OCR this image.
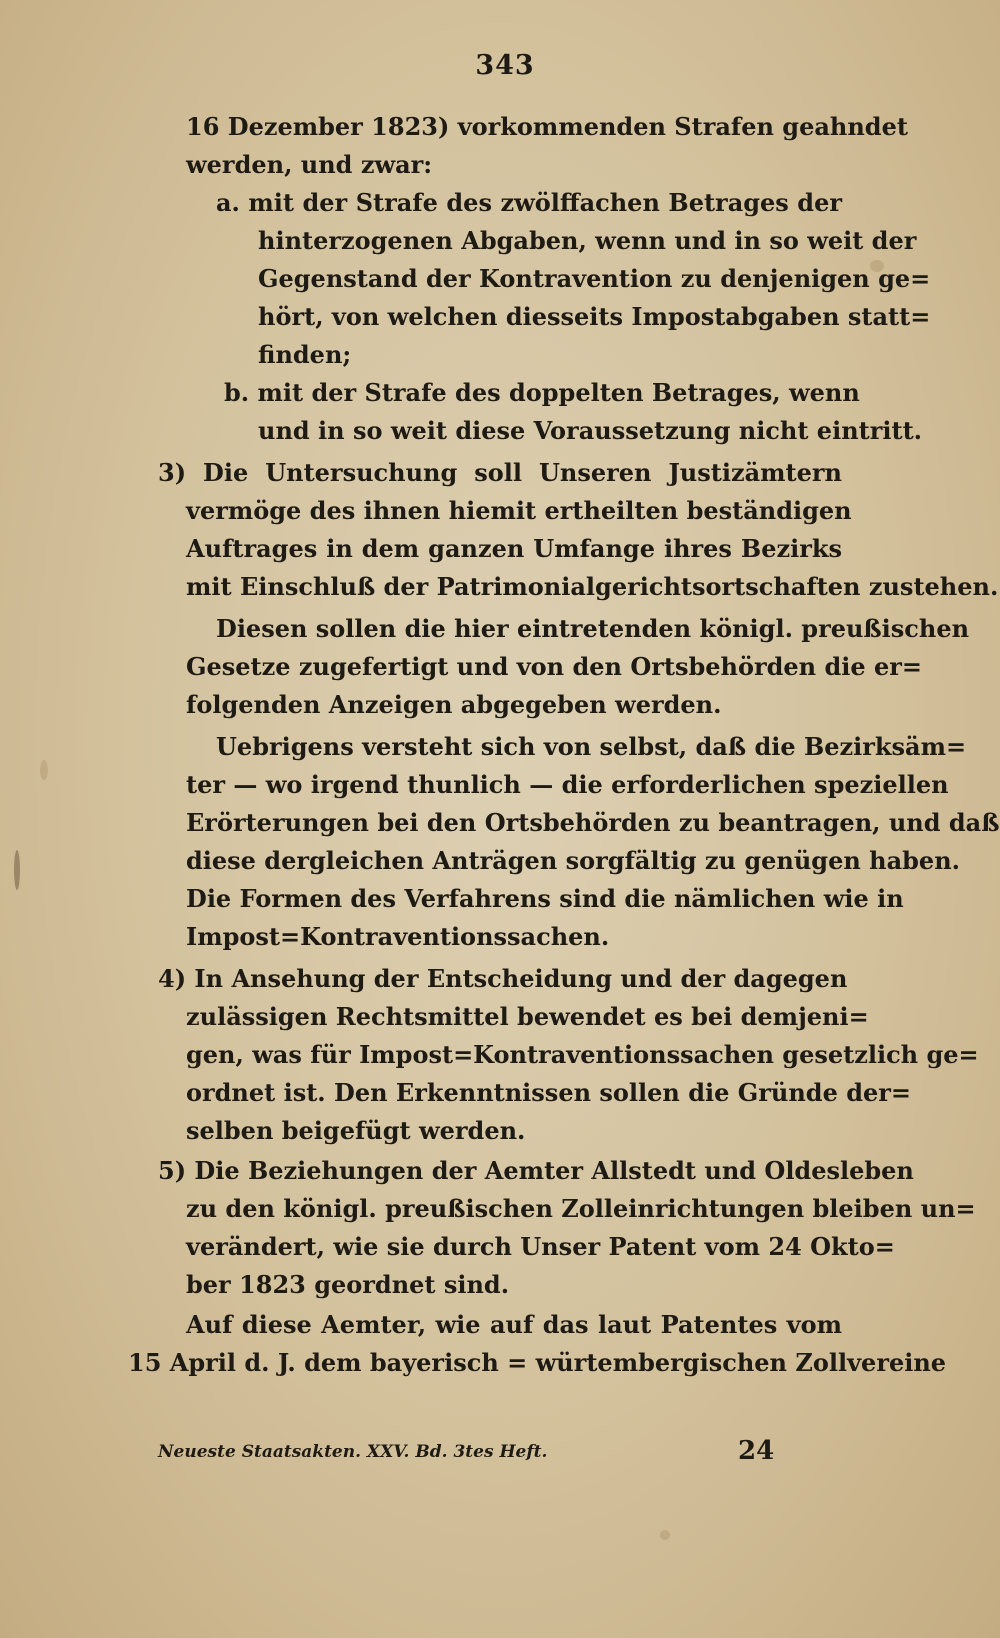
343
16 Dezember 1823) vorkommenden Strafen geahndet
werden, und zwar:
a. mit der Strafe des zwölffachen Betrages der
hinterzogenen Abgaben, wenn und in so weit der
Gegenstand der Kontravention zu denjenigen ge=
hört, von welchen diesseits Impostabgaben statt=
finden;
b. mit der Strafe des doppelten Betrages, wenn
und in so weit diese Voraussetzung nicht eintritt.
3) Die Untersuchung soll Unseren Justizämtern
vermöge des ihnen hiemit ertheilten beständigen
Auftrages in dem ganzen Umfange ihres Bezirks
mit Einschluß der Patrimonialgerichtsortschaften zustehen.
Diesen sollen die hier eintretenden königl. preußischen
Gesetze zugefertigt und von den Ortsbehörden die er=
folgenden Anzeigen abgegeben werden.
Uebrigens versteht sich von selbst, daß die Bezirksäm=
ter — wo irgend thunlich — die erforderlichen speziellen
Erörterungen bei den Ortsbehörden zu beantragen, und daß
diese dergleichen Anträgen sorgfältig zu genügen haben.
Die Formen des Verfahrens sind die nämlichen wie in
Impost=Kontraventionssachen.
4) In Ansehung der Entscheidung und der dagegen
zulässigen Rechtsmittel bewendet es bei demjeni=
gen, was für Impost=Kontraventionssachen gesetzlich ge=
ordnet ist. Den Erkenntnissen sollen die Gründe der=
selben beigefügt werden.
5) Die Beziehungen der Aemter Allstedt und Oldesleben
zu den königl. preußischen Zolleinrichtungen bleiben un=
verändert, wie sie durch Unser Patent vom 24 Okto=
ber 1823 geordnet sind.
Auf diese Aemter, wie auf das laut Patentes vom
15 April d. J. dem bayerisch = würtembergischen Zollvereine
Neueste Staatsakten. XXV. Bd. 3tes Heft.	24
